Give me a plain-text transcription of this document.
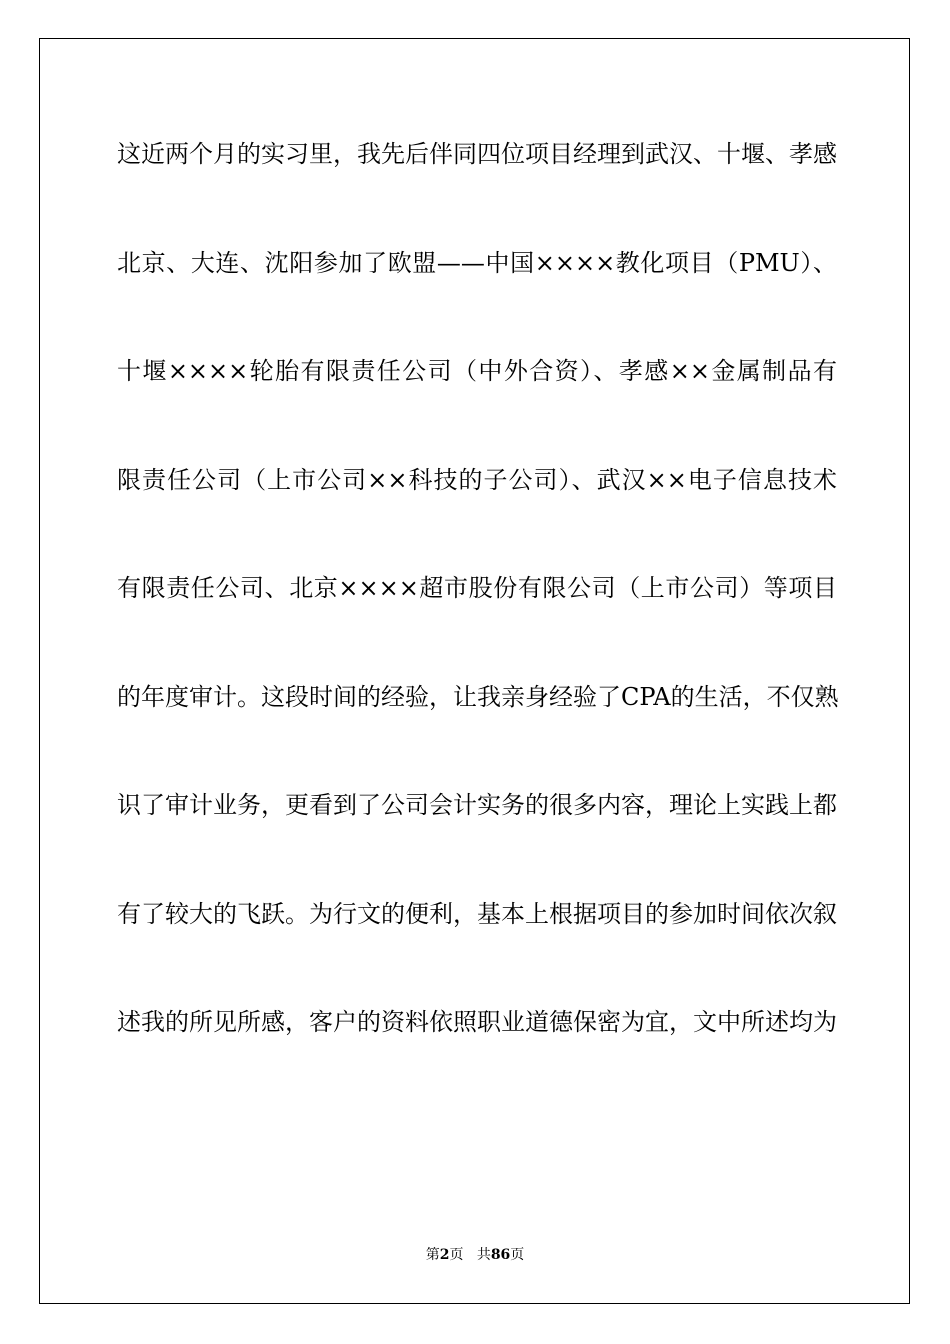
这近两个月的实习里，我先后伴同四位项目经理到武汉、十堰、孝感

北京、大连、沈阳参加了欧盟——中国××××教化项目（PMU）、

十堰××××轮胎有限责任公司（中外合资）、孝感××金属制品有

限责任公司（上市公司××科技的子公司）、武汉××电子信息技术

有限责任公司、北京××××超市股份有限公司（上市公司）等项目

的年度审计。这段时间的经验，让我亲身经验了CPA的生活，不仅熟

识了审计业务，更看到了公司会计实务的很多内容，理论上实践上都

有了较大的飞跃。为行文的便利，基本上根据项目的参加时间依次叙

述我的所见所感，客户的资料依照职业道德保密为宜，文中所述均为

第2页 共86页
